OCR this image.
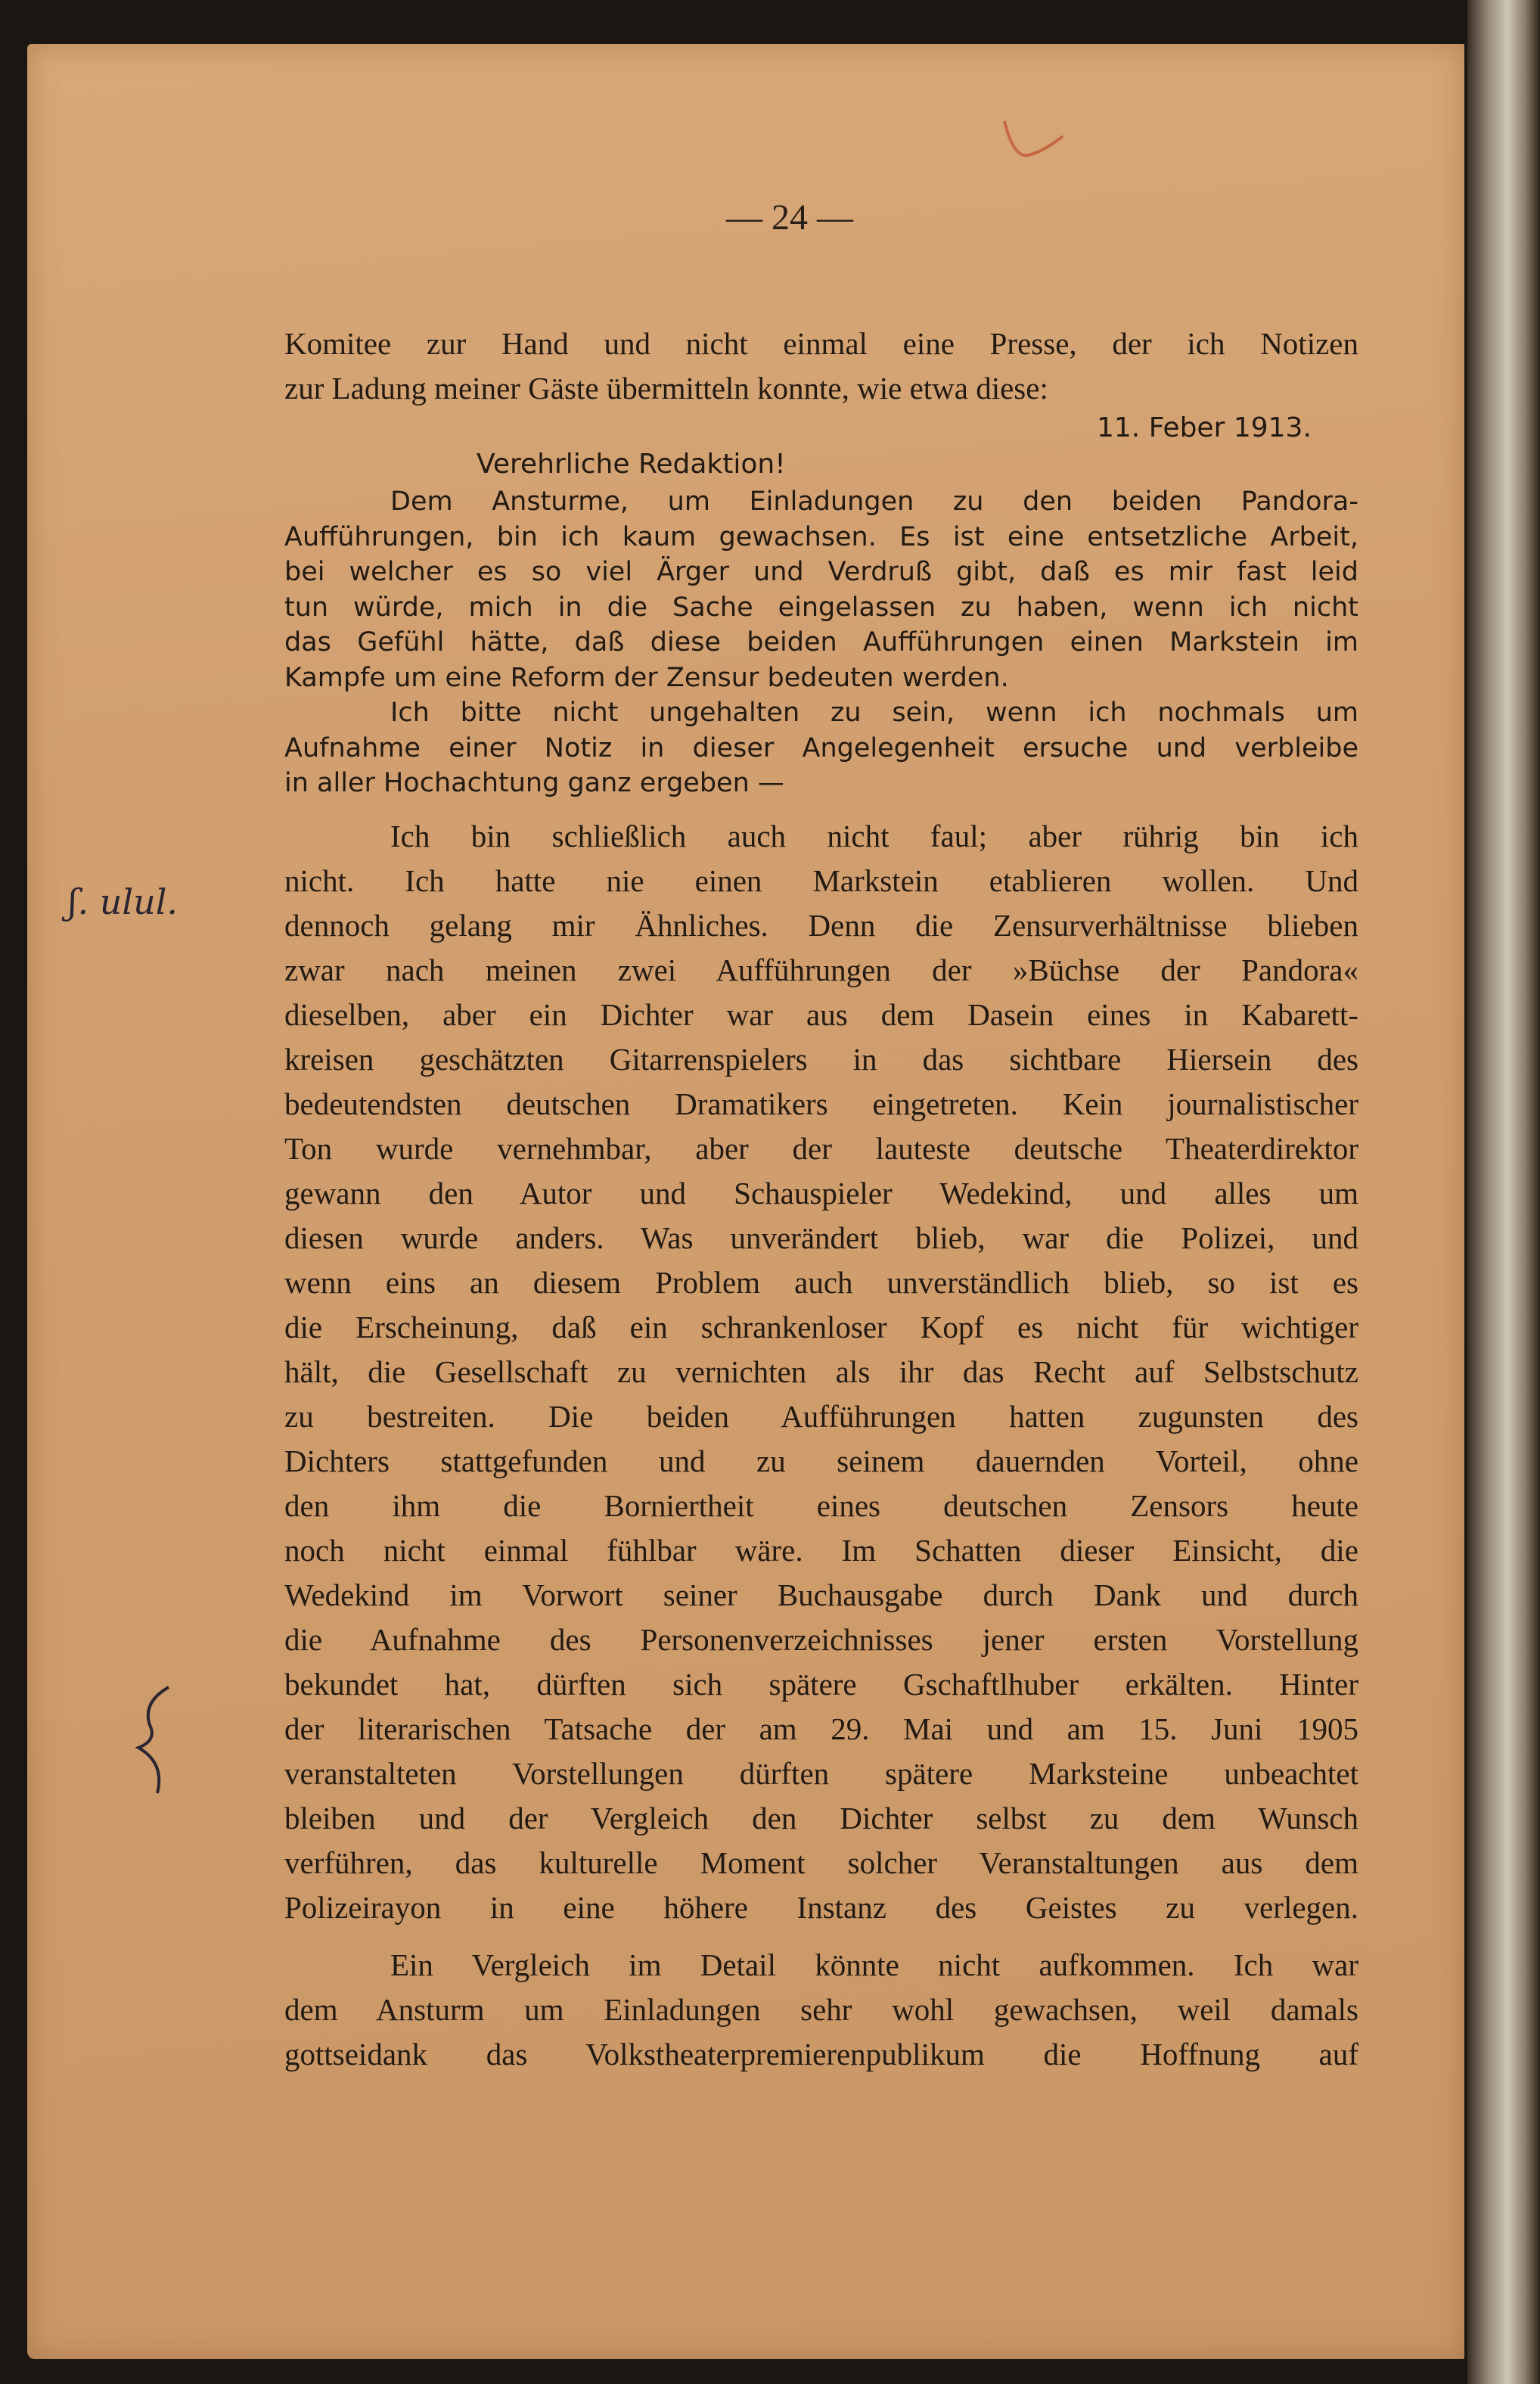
— 24 —
Komitee zur Hand und nicht einmal eine Presse, der ich Notizen
zur Ladung meiner Gäste übermitteln konnte, wie etwa diese:
11. Feber 1913.
Verehrliche Redaktion!
Dem Ansturme, um Einladungen zu den beiden Pandora-
Aufführungen, bin ich kaum gewachsen. Es ist eine entsetzliche Arbeit,
bei welcher es so viel Ärger und Verdruß gibt, daß es mir fast leid
tun würde, mich in die Sache eingelassen zu haben, wenn ich nicht
das Gefühl hätte, daß diese beiden Aufführungen einen Markstein im
Kampfe um eine Reform der Zensur bedeuten werden.
Ich bitte nicht ungehalten zu sein, wenn ich nochmals um
Aufnahme einer Notiz in dieser Angelegenheit ersuche und verbleibe
in aller Hochachtung ganz ergeben —
ʃ. ulul.
Ich bin schließlich auch nicht faul; aber rührig bin ich
nicht. Ich hatte nie einen Markstein etablieren wollen. Und
dennoch gelang mir Ähnliches. Denn die Zensurverhältnisse blieben
zwar nach meinen zwei Aufführungen der »Büchse der Pandora«
dieselben, aber ein Dichter war aus dem Dasein eines in Kabarett-
kreisen geschätzten Gitarrenspielers in das sichtbare Hiersein des
bedeutendsten deutschen Dramatikers eingetreten. Kein journalistischer
Ton wurde vernehmbar, aber der lauteste deutsche Theaterdirektor
gewann den Autor und Schauspieler Wedekind, und alles um
diesen wurde anders. Was unverändert blieb, war die Polizei, und
wenn eins an diesem Problem auch unverständlich blieb, so ist es
die Erscheinung, daß ein schrankenloser Kopf es nicht für wichtiger
hält, die Gesellschaft zu vernichten als ihr das Recht auf Selbstschutz
zu bestreiten. Die beiden Aufführungen hatten zugunsten des
Dichters stattgefunden und zu seinem dauernden Vorteil, ohne
den ihm die Borniertheit eines deutschen Zensors heute
noch nicht einmal fühlbar wäre. Im Schatten dieser Einsicht, die
Wedekind im Vorwort seiner Buchausgabe durch Dank und durch
die Aufnahme des Personenverzeichnisses jener ersten Vorstellung
bekundet hat, dürften sich spätere Gschaftlhuber erkälten. Hinter
der literarischen Tatsache der am 29. Mai und am 15. Juni 1905
veranstalteten Vorstellungen dürften spätere Marksteine unbeachtet
bleiben und der Vergleich den Dichter selbst zu dem Wunsch
verführen, das kulturelle Moment solcher Veranstaltungen aus dem
Polizeirayon in eine höhere Instanz des Geistes zu verlegen.
Ein Vergleich im Detail könnte nicht aufkommen. Ich war
dem Ansturm um Einladungen sehr wohl gewachsen, weil damals
gottseidank das Volkstheaterpremierenpublikum die Hoffnung auf
